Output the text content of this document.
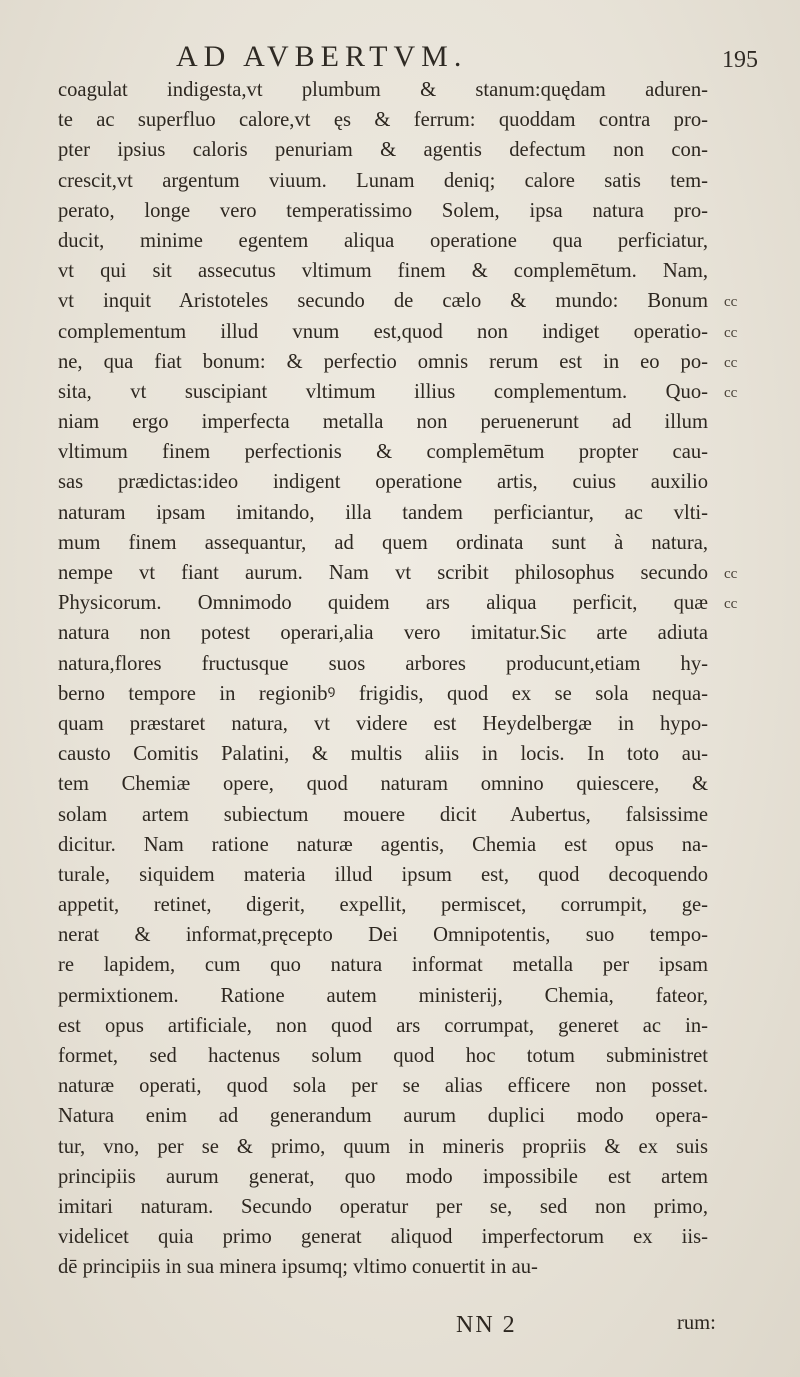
AD AVBERTVM.	195
coagulat indigesta,vt plumbum & stanum:quędam aduren-
te ac superfluo calore,vt ęs & ferrum: quoddam contra pro-
pter ipsius caloris penuriam & agentis defectum non con-
crescit,vt argentum viuum. Lunam deniq; calore satis tem-
perato, longe vero temperatissimo Solem, ipsa natura pro-
ducit, minime egentem aliqua operatione qua perficiatur,
vt qui sit assecutus vltimum finem & complemētum. Nam,
vt inquit Aristoteles secundo de cælo & mundo: Bonum
complementum illud vnum est,quod non indiget operatio-
ne, qua fiat bonum: & perfectio omnis rerum est in eo po-
sita, vt suscipiant vltimum illius complementum. Quo-
niam ergo imperfecta metalla non peruenerunt ad illum
vltimum finem perfectionis & complemētum propter cau-
sas prædictas:ideo indigent operatione artis, cuius auxilio
naturam ipsam imitando, illa tandem perficiantur, ac vlti-
mum finem assequantur, ad quem ordinata sunt à natura,
nempe vt fiant aurum. Nam vt scribit philosophus secundo
Physicorum. Omnimodo quidem ars aliqua perficit, quæ
natura non potest operari,alia vero imitatur.Sic arte adiuta
natura,flores fructusque suos arbores producunt,etiam hy-
berno tempore in regionibꝰ frigidis, quod ex se sola nequa-
quam præstaret natura, vt videre est Heydelbergæ in hypo-
causto Comitis Palatini, & multis aliis in locis. In toto au-
tem Chemiæ opere, quod naturam omnino quiescere, &
solam artem subiectum mouere dicit Aubertus, falsissime
dicitur. Nam ratione naturæ agentis, Chemia est opus na-
turale, siquidem materia illud ipsum est, quod decoquendo
appetit, retinet, digerit, expellit, permiscet, corrumpit, ge-
nerat & informat,pręcepto Dei Omnipotentis, suo tempo-
re lapidem, cum quo natura informat metalla per ipsam
permixtionem. Ratione autem ministerij, Chemia, fateor,
est opus artificiale, non quod ars corrumpat, generet ac in-
formet, sed hactenus solum quod hoc totum subministret
naturæ operati, quod sola per se alias efficere non posset.
Natura enim ad generandum aurum duplici modo opera-
tur, vno, per se & primo, quum in mineris propriis & ex suis
principiis aurum generat, quo modo impossibile est artem
imitari naturam. Secundo operatur per se, sed non primo,
videlicet quia primo generat aliquod imperfectorum ex iis-
dē principiis in sua minera ipsumq; vltimo conuertit in au-
cc
cc
cc
cc
cc
cc
NN 2	rum:
